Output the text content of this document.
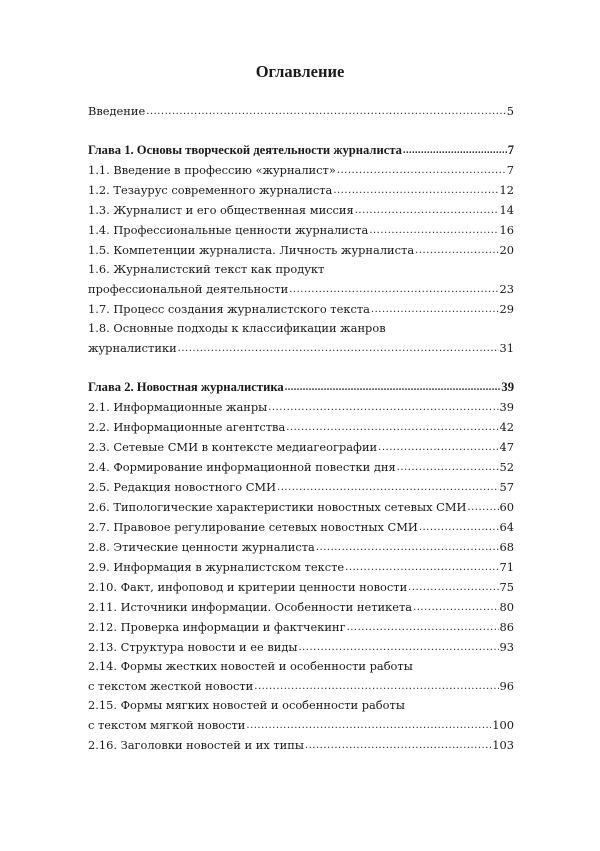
Оглавление
Введение .....	5
Глава 1. Основы творческой деятельности журналиста .....	7
1.1. Введение в профессию «журналист» .....	7
1.2. Тезаурус современного журналиста .....	12
1.3. Журналист и его общественная миссия .....	14
1.4. Профессиональные ценности журналиста .....	16
1.5. Компетенции журналиста. Личность журналиста .....	20
1.6. Журналистский текст как продукт
профессиональной деятельности .....	23
1.7. Процесс создания журналистского текста .....	29
1.8. Основные подходы к классификации жанров
журналистики .....	31
Глава 2. Новостная журналистика .....	39
2.1. Информационные жанры .....	39
2.2. Информационные агентства .....	42
2.3. Сетевые СМИ в контексте медиагеографии .....	47
2.4. Формирование информационной повестки дня .....	52
2.5. Редакция новостного СМИ .....	57
2.6. Типологические характеристики новостных сетевых СМИ .....	60
2.7. Правовое регулирование сетевых новостных СМИ .....	64
2.8. Этические ценности журналиста .....	68
2.9. Информация в журналистском тексте .....	71
2.10. Факт, инфоповод и критерии ценности новости .....	75
2.11. Источники информации. Особенности нетикета .....	80
2.12. Проверка информации и фактчекинг .....	86
2.13. Структура новости и ее виды .....	93
2.14. Формы жестких новостей и особенности работы
с текстом жесткой новости .....	96
2.15. Формы мягких новостей и особенности работы
с текстом мягкой новости .....	100
2.16. Заголовки новостей и их типы .....	103
